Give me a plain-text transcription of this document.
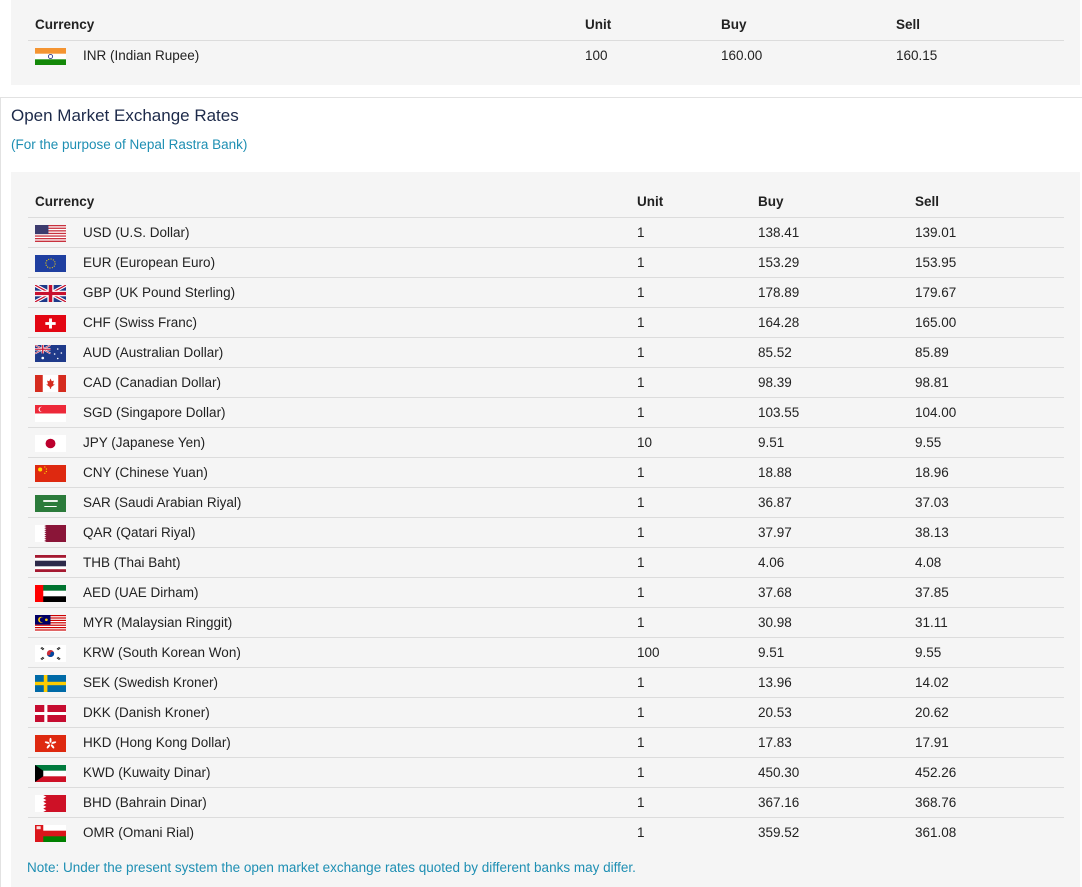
Currency	Unit	Buy	Sell
INR (Indian Rupee)	100	160.00	160.15
Open Market Exchange Rates
(For the purpose of Nepal Rastra Bank)
Currency	Unit	Buy	Sell
USD (U.S. Dollar)	1	138.41	139.01
EUR (European Euro)	1	153.29	153.95
GBP (UK Pound Sterling)	1	178.89	179.67
CHF (Swiss Franc)	1	164.28	165.00
AUD (Australian Dollar)	1	85.52	85.89
CAD (Canadian Dollar)	1	98.39	98.81
SGD (Singapore Dollar)	1	103.55	104.00
JPY (Japanese Yen)	10	9.51	9.55
CNY (Chinese Yuan)	1	18.88	18.96
SAR (Saudi Arabian Riyal)	1	36.87	37.03
QAR (Qatari Riyal)	1	37.97	38.13
THB (Thai Baht)	1	4.06	4.08
AED (UAE Dirham)	1	37.68	37.85
MYR (Malaysian Ringgit)	1	30.98	31.11
KRW (South Korean Won)	100	9.51	9.55
SEK (Swedish Kroner)	1	13.96	14.02
DKK (Danish Kroner)	1	20.53	20.62
HKD (Hong Kong Dollar)	1	17.83	17.91
KWD (Kuwaity Dinar)	1	450.30	452.26
BHD (Bahrain Dinar)	1	367.16	368.76
OMR (Omani Rial)	1	359.52	361.08
Note: Under the present system the open market exchange rates quoted by different banks may differ.
